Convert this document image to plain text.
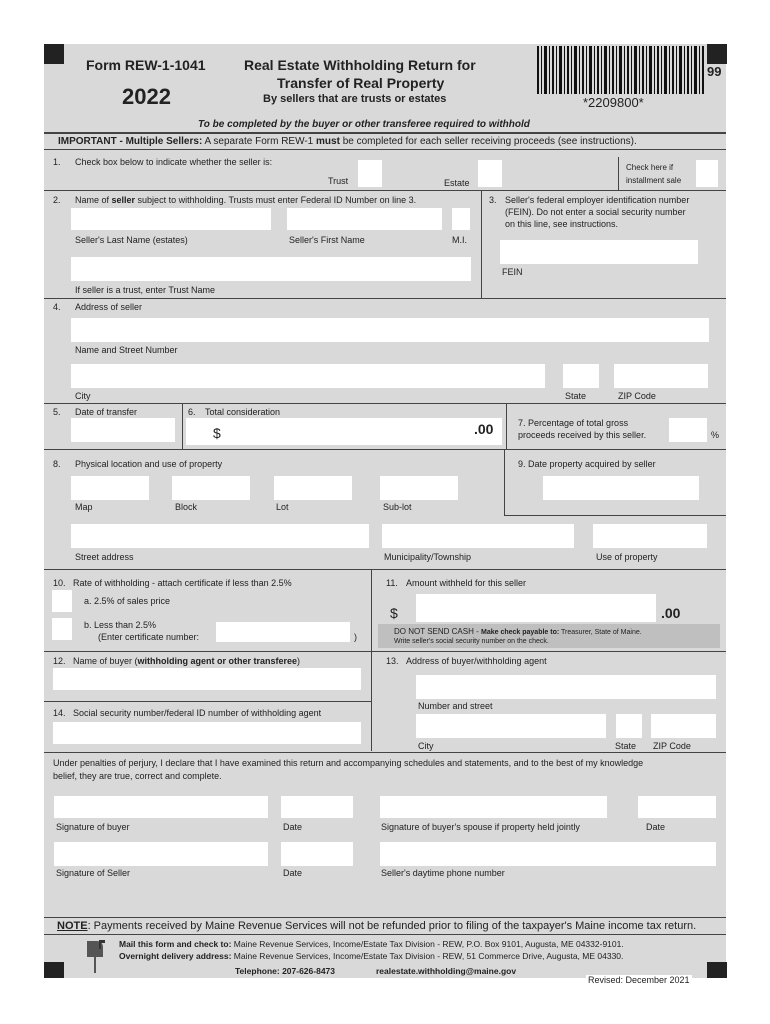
Form REW-1-1041
2022
Real Estate Withholding Return for
Transfer of Real Property
By sellers that are trusts or estates	*2209800*
99
To be completed by the buyer or other transferee required to withhold
IMPORTANT - Multiple Sellers: A separate Form REW-1 must be completed for each seller receiving proceeds (see instructions).
1. Check box below to indicate whether the seller is:
Trust	Estate
Check here if
installment sale
2. Name of seller subject to withholding. Trusts must enter Federal ID Number on line 3.
Seller's Last Name (estates)	Seller's First Name	M.I.
If seller is a trust, enter Trust Name
3. Seller's federal employer identification number
(FEIN). Do not enter a social security number
on this line, see instructions.
FEIN
4. Address of seller
Name and Street Number
City	State	ZIP Code
5. Date of transfer	6. Total consideration
$	.00	7. Percentage of total gross
proceeds received by this seller.	%
8. Physical location and use of property
Map	Block	Lot	Sub-lot
9. Date property acquired by seller
Street address	Municipality/Township	Use of property
10. Rate of withholding - attach certificate if less than 2.5%
a. 2.5% of sales price
b. Less than 2.5%
(Enter certificate number:	)
11. Amount withheld for this seller
$	.00
DO NOT SEND CASH - Make check payable to: Treasurer, State of Maine.
Write seller's social security number on the check.
12. Name of buyer (withholding agent or other transferee)
14. Social security number/federal ID number of withholding agent
13. Address of buyer/withholding agent
Number and street
City	State ZIP Code
Under penalties of perjury, I declare that I have examined this return and accompanying schedules and statements, and to the best of my knowledge
belief, they are true, correct and complete.
Signature of buyer	Date	Signature of buyer's spouse if property held jointly	Date
Signature of Seller	Date	Seller's daytime phone number
NOTE: Payments received by Maine Revenue Services will not be refunded prior to filing of the taxpayer's Maine income tax return.
Mail this form and check to: Maine Revenue Services, Income/Estate Tax Division - REW, P.O. Box 9101, Augusta, ME 04332-9101.
Overnight delivery address: Maine Revenue Services, Income/Estate Tax Division - REW, 51 Commerce Drive, Augusta, ME 04330.
Telephone: 207-626-8473	realestate.withholding@maine.gov
Revised: December 2021
